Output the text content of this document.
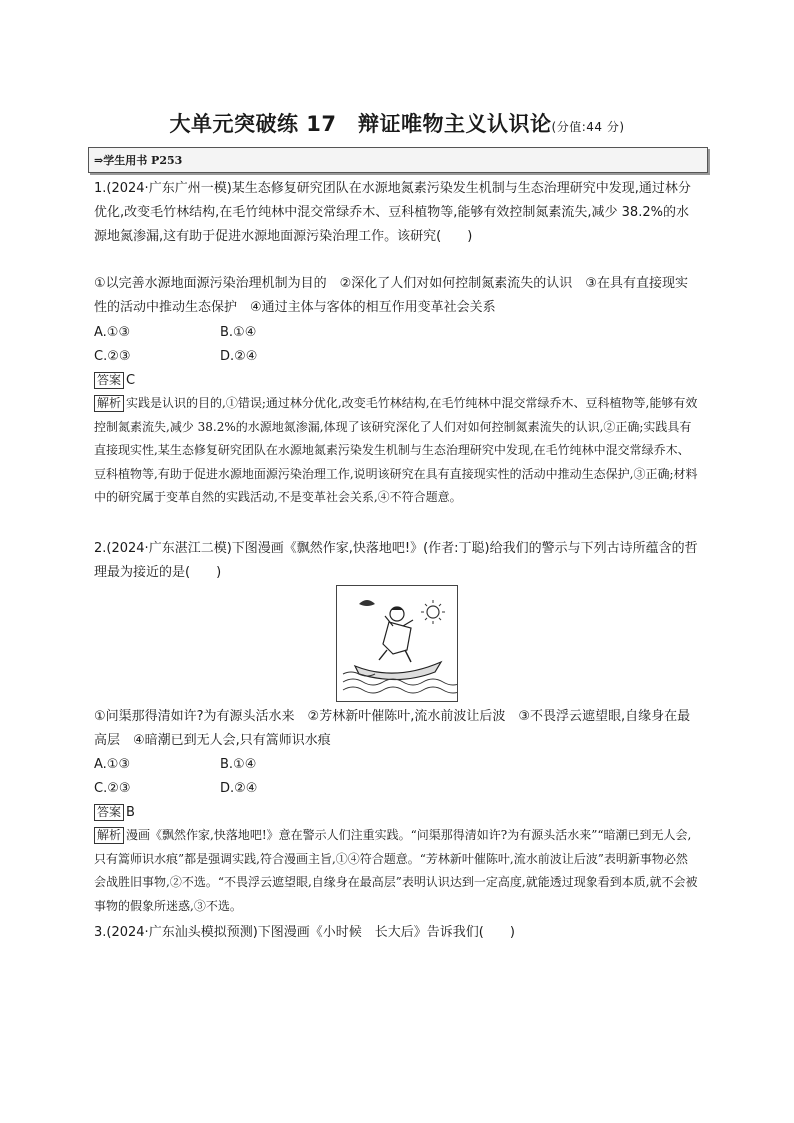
大单元突破练 17　辩证唯物主义认识论(分值:44 分)
⇒学生用书 P253

1.(2024·广东广州一模)某生态修复研究团队在水源地氮素污染发生机制与生态治理研究中发现,通过林分优化,改变毛竹林结构,在毛竹纯林中混交常绿乔木、豆科植物等,能够有效控制氮素流失,减少 38.2%的水源地氮渗漏,这有助于促进水源地面源污染治理工作。该研究(　　)

①以完善水源地面源污染治理机制为目的　②深化了人们对如何控制氮素流失的认识　③在具有直接现实性的活动中推动生态保护　④通过主体与客体的相互作用变革社会关系

A.①③	B.①④
C.②③	D.②④
答案 C

解析 实践是认识的目的,①错误;通过林分优化,改变毛竹林结构,在毛竹纯林中混交常绿乔木、豆科植物等,能够有效控制氮素流失,减少 38.2%的水源地氮渗漏,体现了该研究深化了人们对如何控制氮素流失的认识,②正确;实践具有直接现实性,某生态修复研究团队在水源地氮素污染发生机制与生态治理研究中发现,在毛竹纯林中混交常绿乔木、豆科植物等,有助于促进水源地面源污染治理工作,说明该研究在具有直接现实性的活动中推动生态保护,③正确;材料中的研究属于变革自然的实践活动,不是变革社会关系,④不符合题意。

2.(2024·广东湛江二模)下图漫画《飘然作家,快落地吧!》(作者:丁聪)给我们的警示与下列古诗所蕴含的哲理最为接近的是(　　)

①问渠那得清如许?为有源头活水来　②芳林新叶催陈叶,流水前波让后波　③不畏浮云遮望眼,自缘身在最高层　④暗潮已到无人会,只有篙师识水痕

A.①③	B.①④
C.②③	D.②④
答案 B

解析 漫画《飘然作家,快落地吧!》意在警示人们注重实践。“问渠那得清如许?为有源头活水来”“暗潮已到无人会,只有篙师识水痕”都是强调实践,符合漫画主旨,①④符合题意。“芳林新叶催陈叶,流水前波让后波”表明新事物必然会战胜旧事物,②不选。“不畏浮云遮望眼,自缘身在最高层”表明认识达到一定高度,就能透过现象看到本质,就不会被事物的假象所迷惑,③不选。

3.(2024·广东汕头模拟预测)下图漫画《小时候　长大后》告诉我们(　　)
